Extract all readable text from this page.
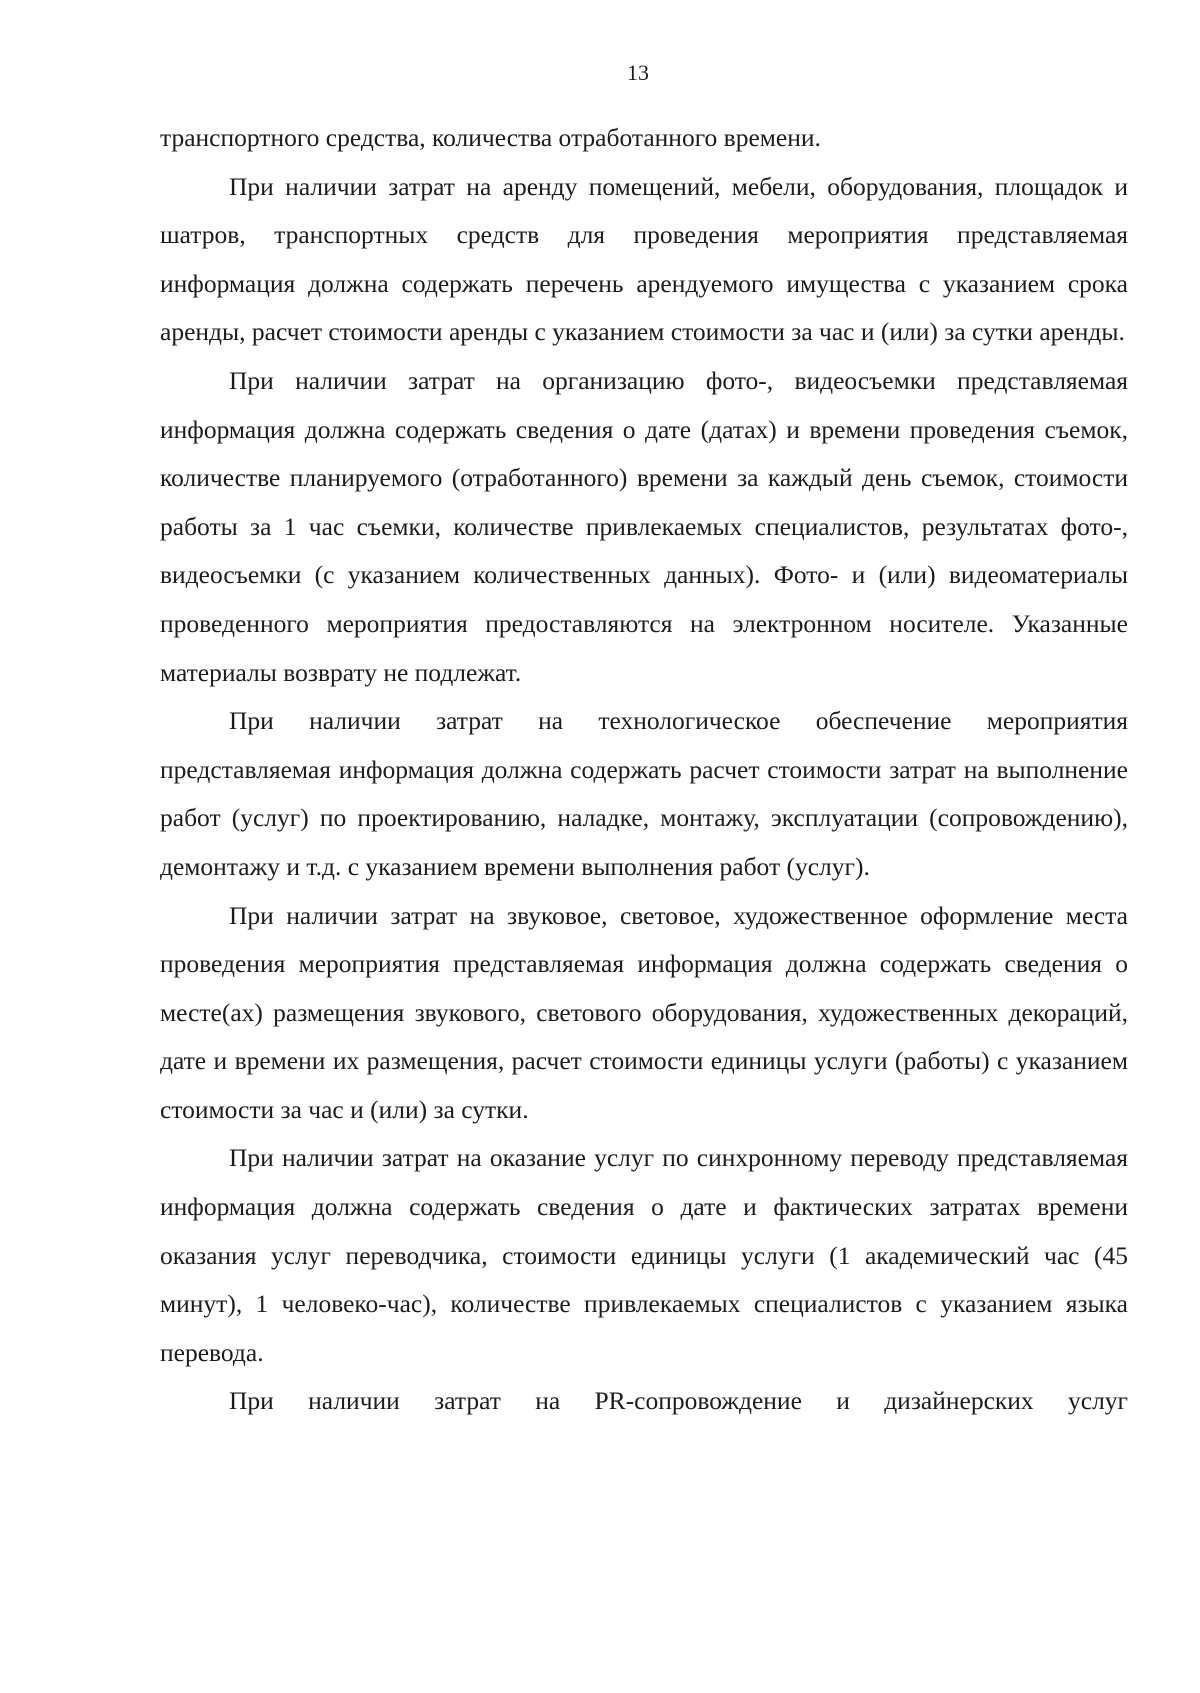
13

транспортного средства, количества отработанного времени.

При наличии затрат на аренду помещений, мебели, оборудования, площадок и шатров, транспортных средств для проведения мероприятия представляемая информация должна содержать перечень арендуемого имущества с указанием срока аренды, расчет стоимости аренды с указанием стоимости за час и (или) за сутки аренды.

При наличии затрат на организацию фото-, видеосъемки представляемая информация должна содержать сведения о дате (датах) и времени проведения съемок, количестве планируемого (отработанного) времени за каждый день съемок, стоимости работы за 1 час съемки, количестве привлекаемых специалистов, результатах фото-, видеосъемки (с указанием количественных данных). Фото- и (или) видеоматериалы проведенного мероприятия предоставляются на электронном носителе. Указанные материалы возврату не подлежат.

При наличии затрат на технологическое обеспечение мероприятия представляемая информация должна содержать расчет стоимости затрат на выполнение работ (услуг) по проектированию, наладке, монтажу, эксплуатации (сопровождению), демонтажу и т.д. с указанием времени выполнения работ (услуг).

При наличии затрат на звуковое, световое, художественное оформление места проведения мероприятия представляемая информация должна содержать сведения о месте(ах) размещения звукового, светового оборудования, художественных декораций, дате и времени их размещения, расчет стоимости единицы услуги (работы) с указанием стоимости за час и (или) за сутки.

При наличии затрат на оказание услуг по синхронному переводу представляемая информация должна содержать сведения о дате и фактических затратах времени оказания услуг переводчика, стоимости единицы услуги (1 академический час (45 минут), 1 человеко-час), количестве привлекаемых специалистов с указанием языка перевода.

При наличии затрат на PR-сопровождение и дизайнерских услуг
